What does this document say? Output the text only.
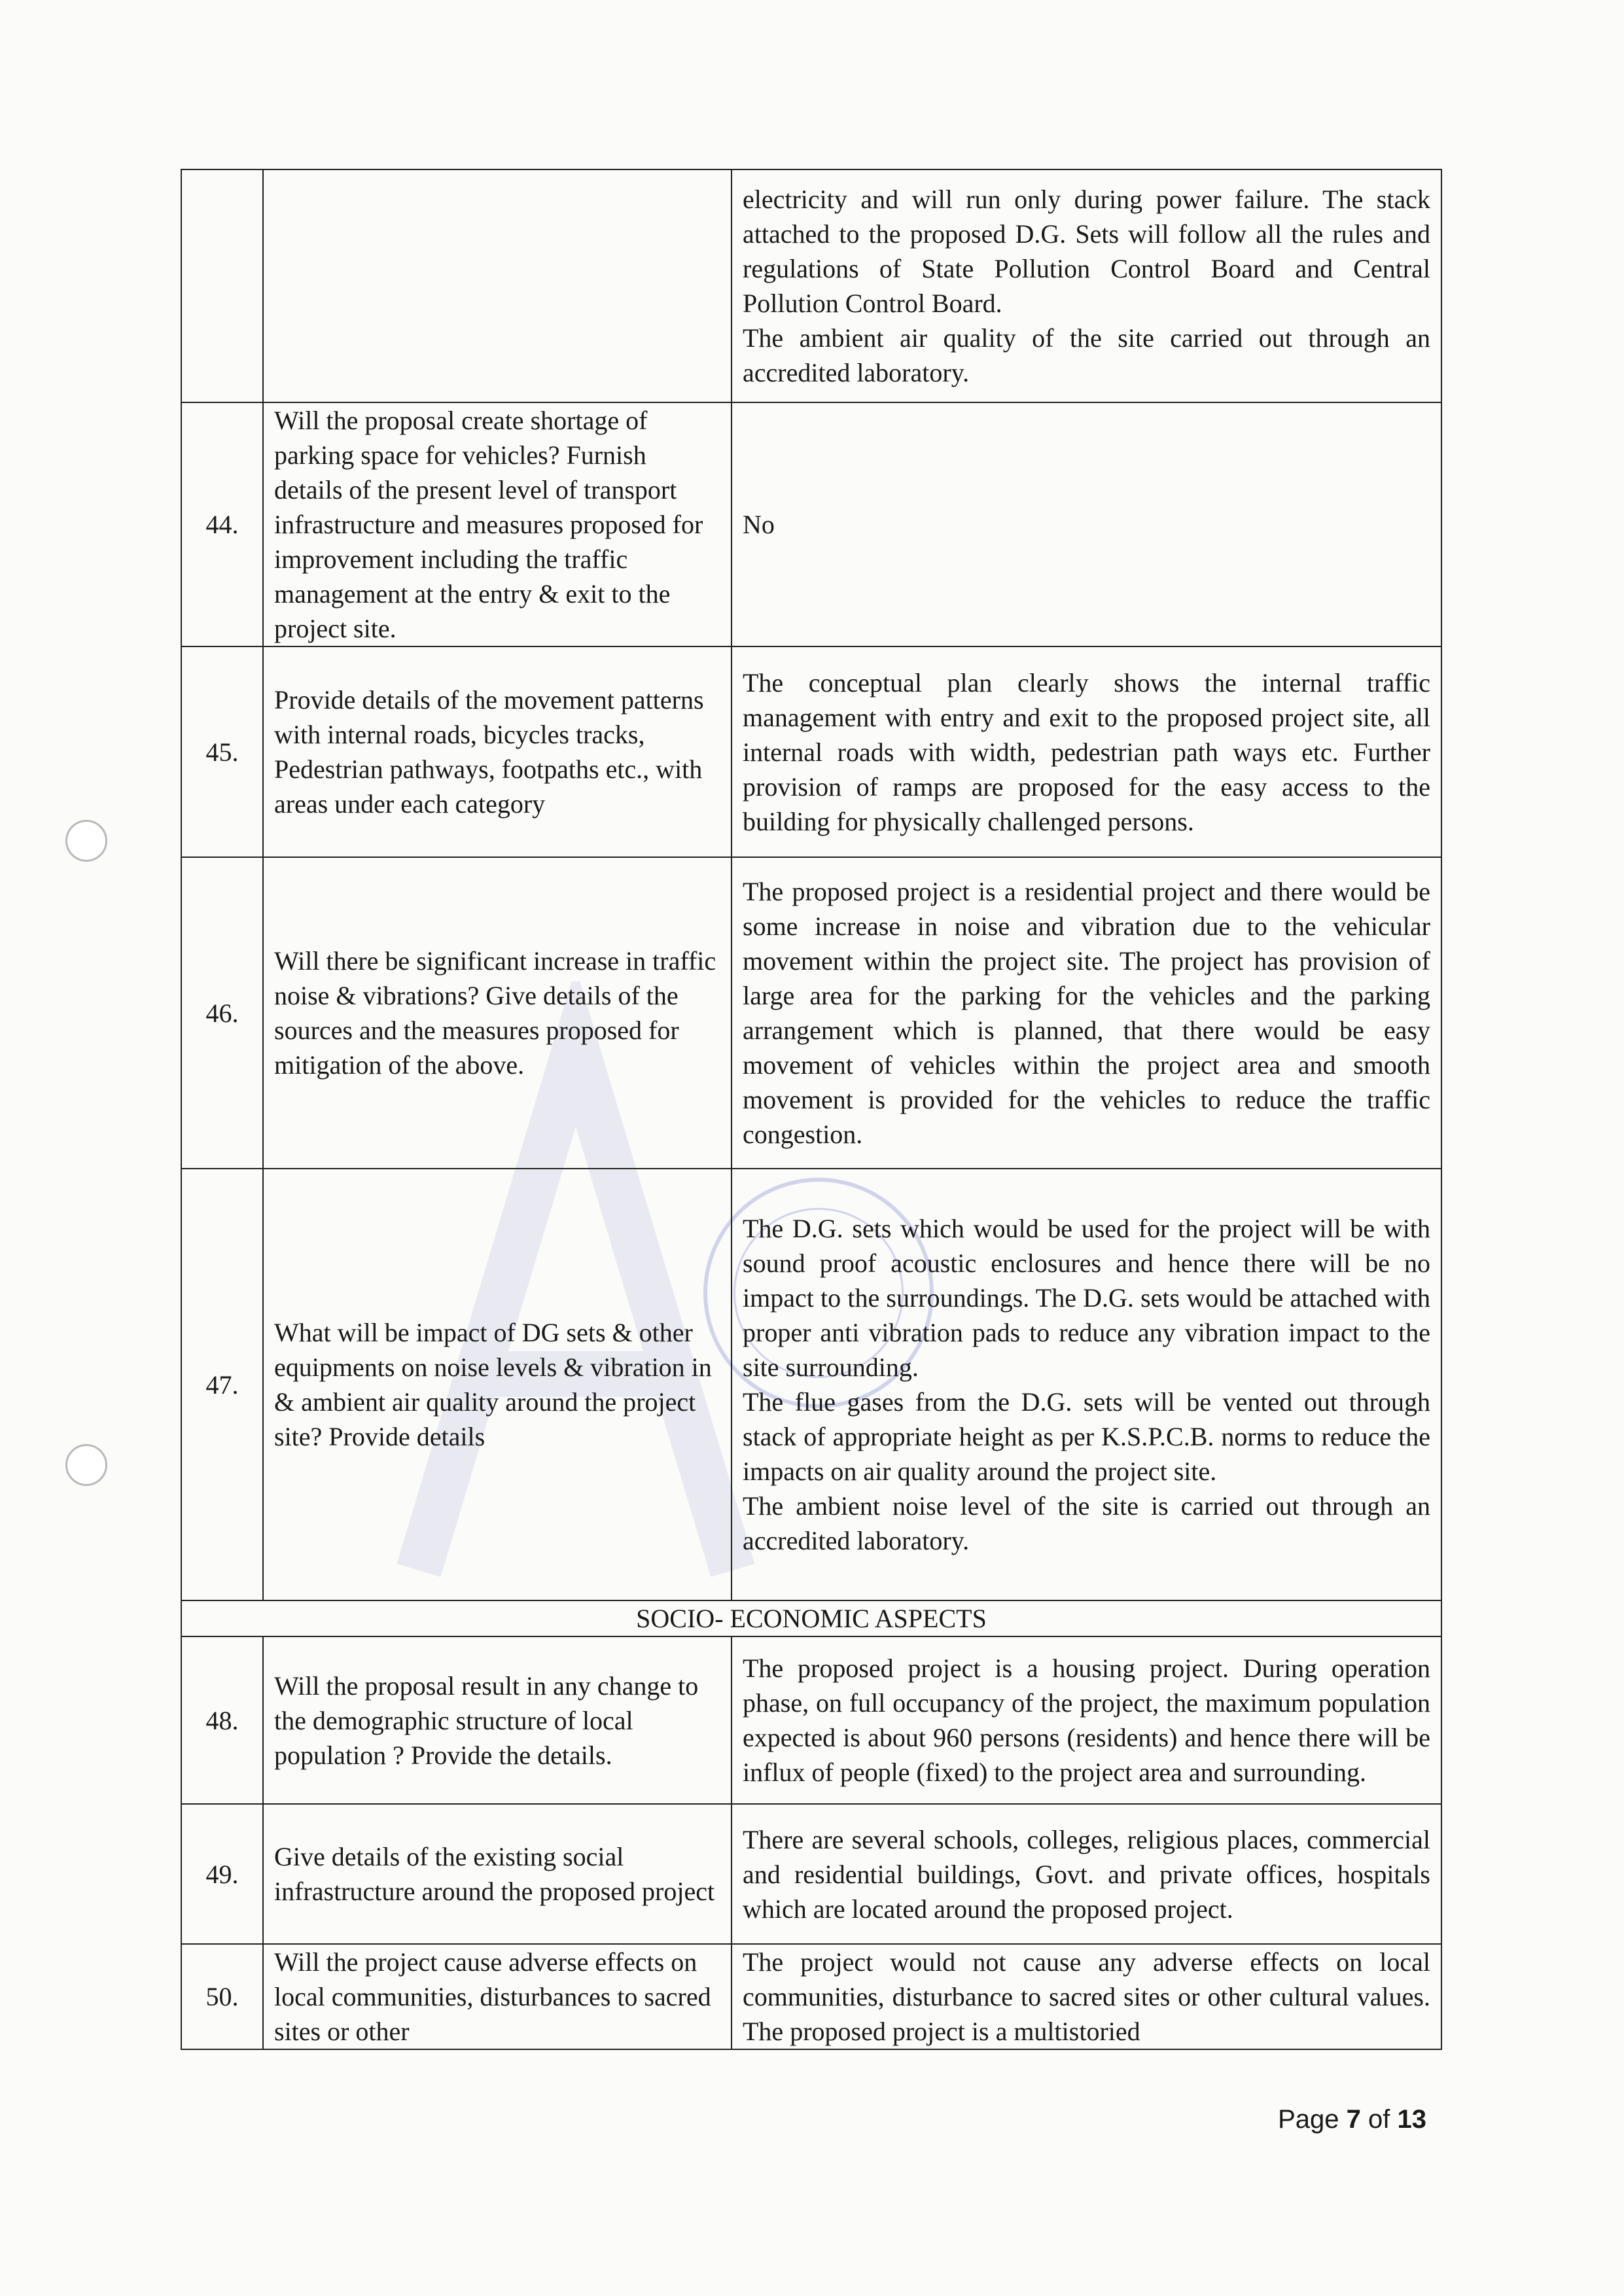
		electricity and will run only during power failure. The stack attached to the proposed D.G. Sets will follow all the rules and regulations of State Pollution Control Board and Central Pollution Control Board.

The ambient air quality of the site carried out through an accredited laboratory.

44.	Will the proposal create shortage of parking space for vehicles? Furnish details of the present level of transport infrastructure and measures proposed for improvement including the traffic management at the entry & exit to the project site.	No

45.	Provide details of the movement patterns with internal roads, bicycles tracks, Pedestrian pathways, footpaths etc., with areas under each category	The conceptual plan clearly shows the internal traffic management with entry and exit to the proposed project site, all internal roads with width, pedestrian path ways etc. Further provision of ramps are proposed for the easy access to the building for physically challenged persons.

46.	Will there be significant increase in traffic noise & vibrations? Give details of the sources and the measures proposed for mitigation of the above.	The proposed project is a residential project and there would be some increase in noise and vibration due to the vehicular movement within the project site. The project has provision of large area for the parking for the vehicles and the parking arrangement which is planned, that there would be easy movement of vehicles within the project area and smooth movement is provided for the vehicles to reduce the traffic congestion.

47.	What will be impact of DG sets & other equipments on noise levels & vibration in & ambient air quality around the project site? Provide details	The D.G. sets which would be used for the project will be with sound proof acoustic enclosures and hence there will be no impact to the surroundings. The D.G. sets would be attached with proper anti vibration pads to reduce any vibration impact to the site surrounding.

The flue gases from the D.G. sets will be vented out through stack of appropriate height as per K.S.P.C.B. norms to reduce the impacts on air quality around the project site.

The ambient noise level of the site is carried out through an accredited laboratory.

SOCIO- ECONOMIC ASPECTS		
48.	Will the proposal result in any change to the demographic structure of local population ? Provide the details.	The proposed project is a housing project. During operation phase, on full occupancy of the project, the maximum population expected is about 960 persons (residents) and hence there will be influx of people (fixed) to the project area and surrounding.

49.	Give details of the existing social infrastructure around the proposed project	There are several schools, colleges, religious places, commercial and residential buildings, Govt. and private offices, hospitals which are located around the proposed project.

50.	Will the project cause adverse effects on local communities, disturbances to sacred sites or other	The project would not cause any adverse effects on local communities, disturbance to sacred sites or other cultural values. The proposed project is a multistoried

Page 7 of 13
